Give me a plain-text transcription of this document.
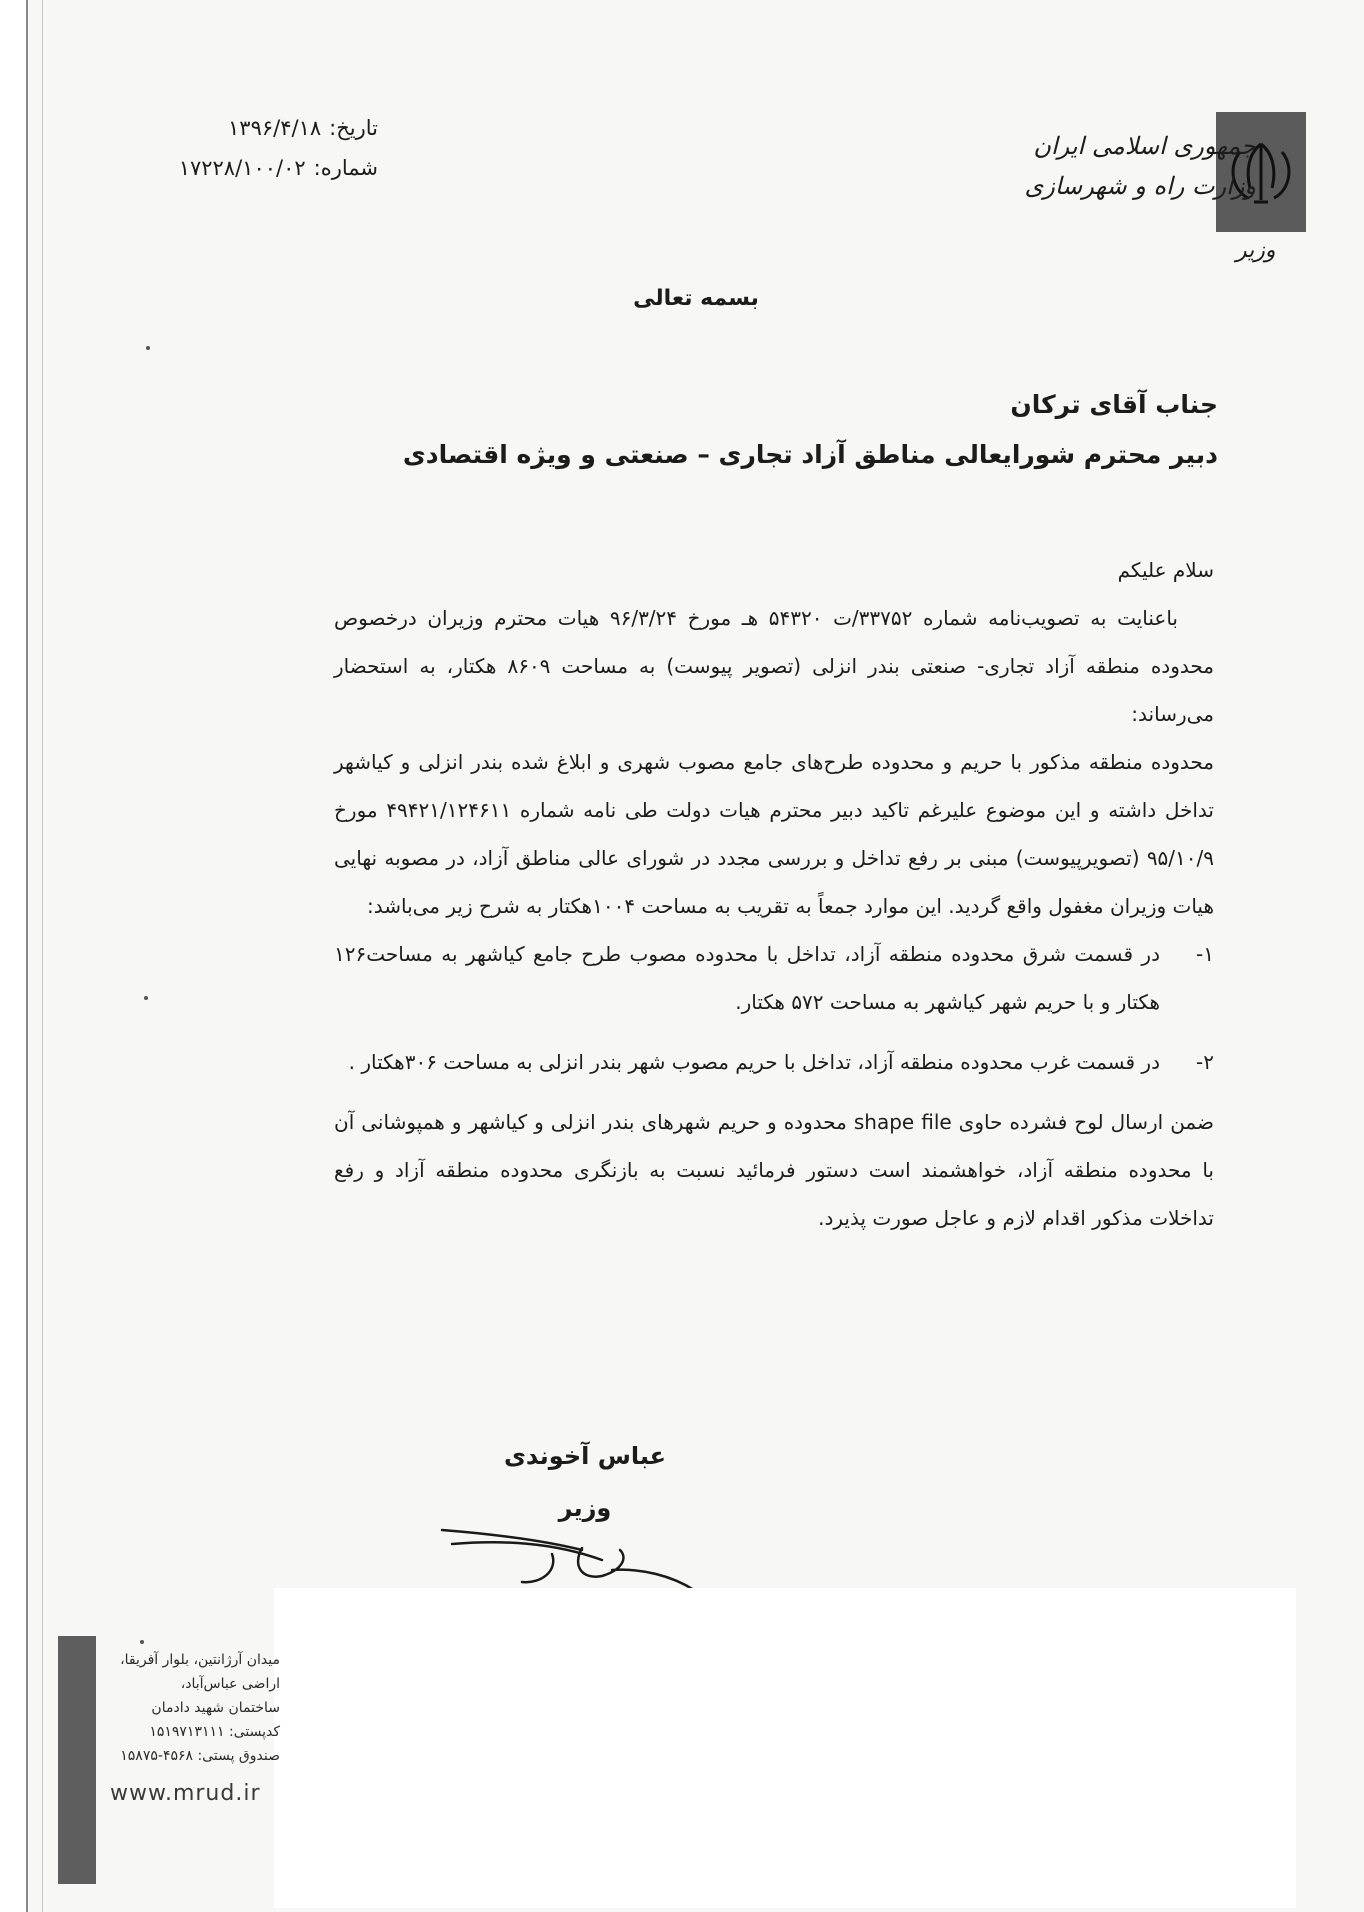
جمهوری اسلامی ایران
وزارت راه و شهرسازی
وزیر
تاریخ:
۱۳۹۶/۴/۱۸
شماره:
۱۷۲۲۸/۱۰۰/۰۲
بسمه تعالی
جناب آقای ترکان
دبیر محترم شورایعالی مناطق آزاد تجاری – صنعتی و ویژه اقتصادی

سلام علیکم

باعنایت به تصویب‌نامه شماره ۳۳۷۵۲/ت ۵۴۳۲۰ هـ مورخ ۹۶/۳/۲۴ هیات محترم وزیران درخصوص محدوده منطقه آزاد تجاری- صنعتی بندر انزلی (تصویر پیوست) به مساحت ۸۶۰۹ هکتار، به استحضار می‌رساند:

محدوده منطقه مذکور با حریم و محدوده طرح‌های جامع مصوب شهری و ابلاغ شده بندر انزلی و کیاشهر تداخل داشته و این موضوع علیرغم تاکید دبیر محترم هیات دولت طی نامه شماره ۴۹۴۲۱/۱۲۴۶۱۱ مورخ ۹۵/۱۰/۹ (تصویرپیوست) مبنی بر رفع تداخل و بررسی مجدد در شورای عالی مناطق آزاد، در مصوبه نهایی هیات وزیران مغفول واقع گردید. این موارد جمعاً به تقریب به مساحت ۱۰۰۴هکتار به شرح زیر می‌باشد:

۱-
در قسمت شرق محدوده منطقه آزاد، تداخل با محدوده مصوب طرح جامع کیاشهر به مساحت۱۲۶ هکتار و با حریم شهر کیاشهر به مساحت ۵۷۲ هکتار.
۲-
در قسمت غرب محدوده منطقه آزاد، تداخل با حریم مصوب شهر بندر انزلی به مساحت ۳۰۶هکتار .

ضمن ارسال لوح فشرده حاوی shape file محدوده و حریم شهرهای بندر انزلی و کیاشهر و همپوشانی آن با محدوده منطقه آزاد، خواهشمند است دستور فرمائید نسبت به بازنگری محدوده منطقه آزاد و رفع تداخلات مذکور اقدام لازم و عاجل صورت پذیرد.

عباس آخوندی
وزیر
میدان آرژانتین، بلوار آفریقا،
اراضی عباس‌آباد،
ساختمان شهید دادمان
کدپستی: ۱۵۱۹۷۱۳۱۱۱
صندوق پستی: ۴۵۶۸-۱۵۸۷۵
www.mrud.ir
